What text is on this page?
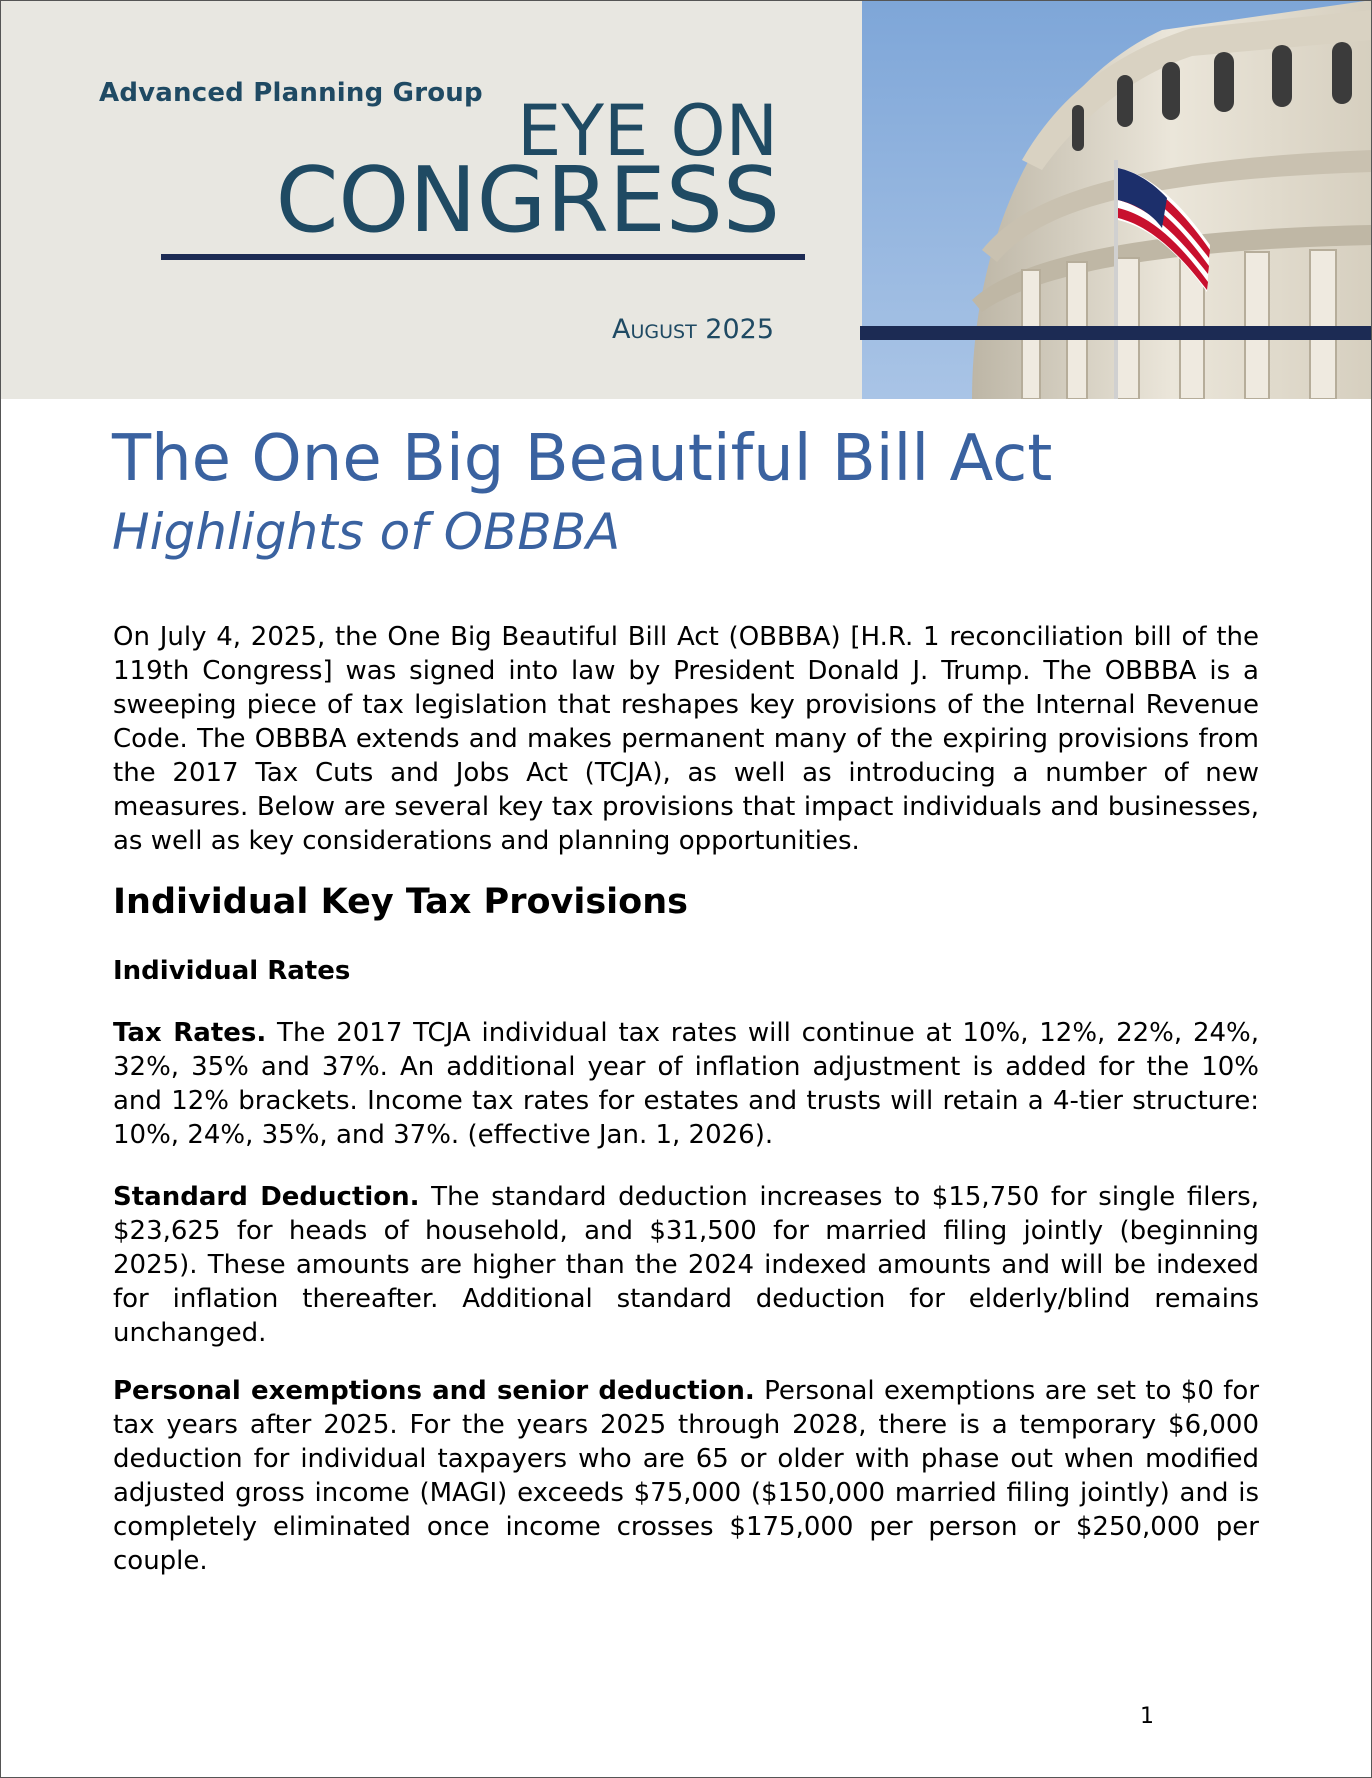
Advanced Planning Group EYE ON
CONGRESS
August 2025
The One Big Beautiful Bill Act
Highlights of OBBBA

On July 4, 2025, the One Big Beautiful Bill Act (OBBBA) [H.R. 1 reconciliation bill of the 119th Congress] was signed into law by President Donald J. Trump. The OBBBA is a sweeping piece of tax legislation that reshapes key provisions of the Internal Revenue Code. The OBBBA extends and makes permanent many of the expiring provisions from the 2017 Tax Cuts and Jobs Act (TCJA), as well as introducing a number of new measures. Below are several key tax provisions that impact individuals and businesses, as well as key considerations and planning opportunities.

Individual Key Tax Provisions
Individual Rates

Tax Rates. The 2017 TCJA individual tax rates will continue at 10%, 12%, 22%, 24%, 32%, 35% and 37%. An additional year of inflation adjustment is added for the 10% and 12% brackets. Income tax rates for estates and trusts will retain a 4-tier structure: 10%, 24%, 35%, and 37%. (effective Jan. 1, 2026).

Standard Deduction. The standard deduction increases to $15,750 for single filers, $23,625 for heads of household, and $31,500 for married filing jointly (beginning 2025). These amounts are higher than the 2024 indexed amounts and will be indexed for inflation thereafter. Additional standard deduction for elderly/blind remains unchanged.

Personal exemptions and senior deduction. Personal exemptions are set to $0 for tax years after 2025. For the years 2025 through 2028, there is a temporary $6,000 deduction for individual taxpayers who are 65 or older with phase out when modified adjusted gross income (MAGI) exceeds $75,000 ($150,000 married filing jointly) and is completely eliminated once income crosses $175,000 per person or $250,000 per couple.

1
